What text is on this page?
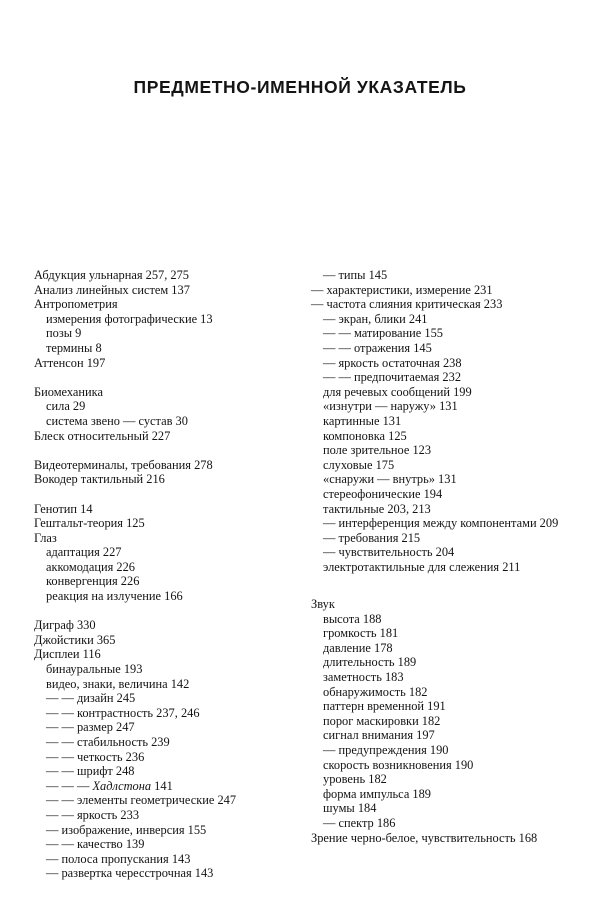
ПРЕДМЕТНО-ИМЕННОЙ УКАЗАТЕЛЬ
Абдукция ульнарная 257, 275
Анализ линейных систем 137
Антропометрия
измерения фотографические 13
позы 9
термины 8
Аттенсон 197
Биомеханика
сила 29
система звено — сустав 30
Блеск относительный 227
Видеотерминалы, требования 278
Вокодер тактильный 216
Генотип 14
Гештальт-теория 125
Глаз
адаптация 227
аккомодация 226
конвергенция 226
реакция на излучение 166
Диграф 330
Джойстики 365
Дисплеи 116
бинауральные 193
видео, знаки, величина 142
— — дизайн 245
— — контрастность 237, 246
— — размер 247
— — стабильность 239
— — четкость 236
— — шрифт 248
— — — Хадлстона 141
— — элементы геометрические 247
— — яркость 233
— изображение, инверсия 155
— — качество 139
— полоса пропускания 143
— развертка чересстрочная 143
— типы 145
— характеристики, измерение 231
— частота слияния критическая 233
— экран, блики 241
— — матирование 155
— — отражения 145
— яркость остаточная 238
— — предпочитаемая 232
для речевых сообщений 199
«изнутри — наружу» 131
картинные 131
компоновка 125
поле зрительное 123
слуховые 175
«снаружи — внутрь» 131
стереофонические 194
тактильные 203, 213
— интерференция между компонентами 209
— требования 215
— чувствительность 204
электротактильные для слежения 211
Звук
высота 188
громкость 181
давление 178
длительность 189
заметность 183
обнаружимость 182
паттерн временной 191
порог маскировки 182
сигнал внимания 197
— предупреждения 190
скорость возникновения 190
уровень 182
форма импульса 189
шумы 184
— спектр 186
Зрение черно-белое, чувствительность 168
